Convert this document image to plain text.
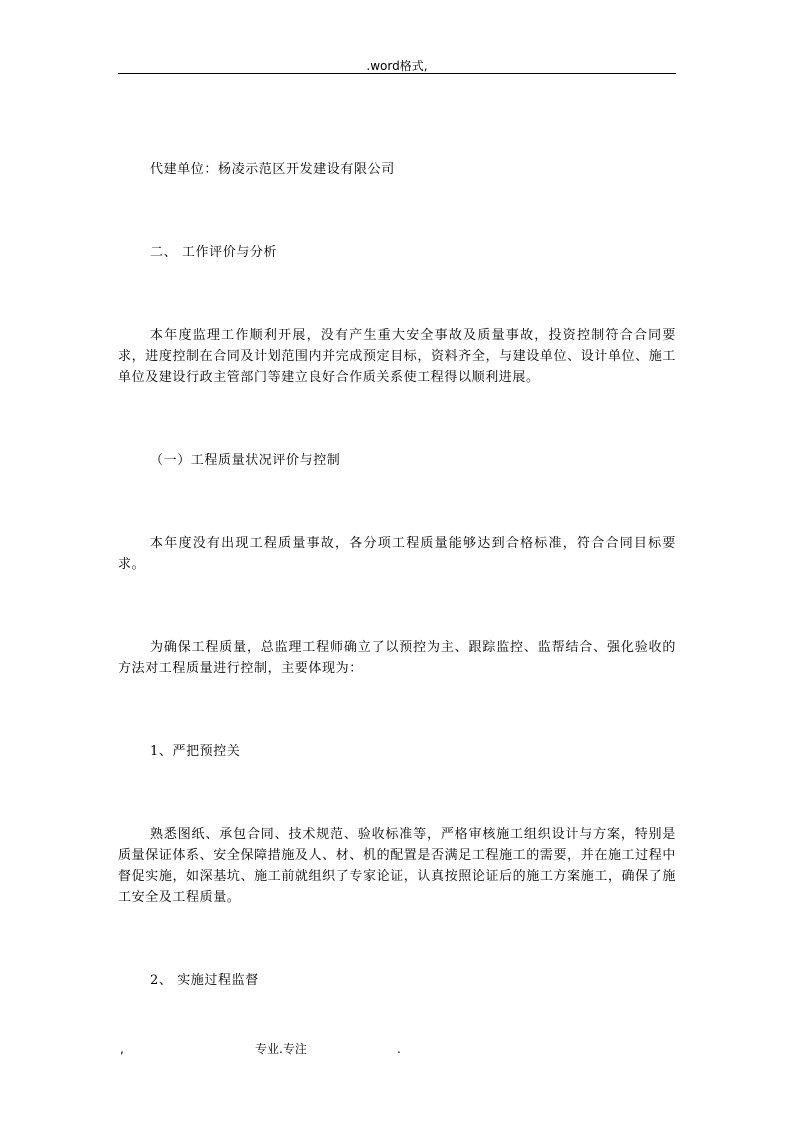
.word格式,

代建单位：杨凌示范区开发建设有限公司

二、 工作评价与分析

本年度监理工作顺利开展，没有产生重大安全事故及质量事故，投资控制符合合同要求，进度控制在合同及计划范围内并完成预定目标，资料齐全，与建设单位、设计单位、施工单位及建设行政主管部门等建立良好合作质关系使工程得以顺利进展。

（一）工程质量状况评价与控制

本年度没有出现工程质量事故，各分项工程质量能够达到合格标准，符合合同目标要求。

为确保工程质量，总监理工程师确立了以预控为主、跟踪监控、监帮结合、强化验收的方法对工程质量进行控制，主要体现为：

1、严把预控关

熟悉图纸、承包合同、技术规范、验收标准等，严格审核施工组织设计与方案，特别是质量保证体系、安全保障措施及人、材、机的配置是否满足工程施工的需要，并在施工过程中督促实施，如深基坑、施工前就组织了专家论证，认真按照论证后的施工方案施工，确保了施工安全及工程质量。

2、 实施过程监督

,	专业.专注	.
